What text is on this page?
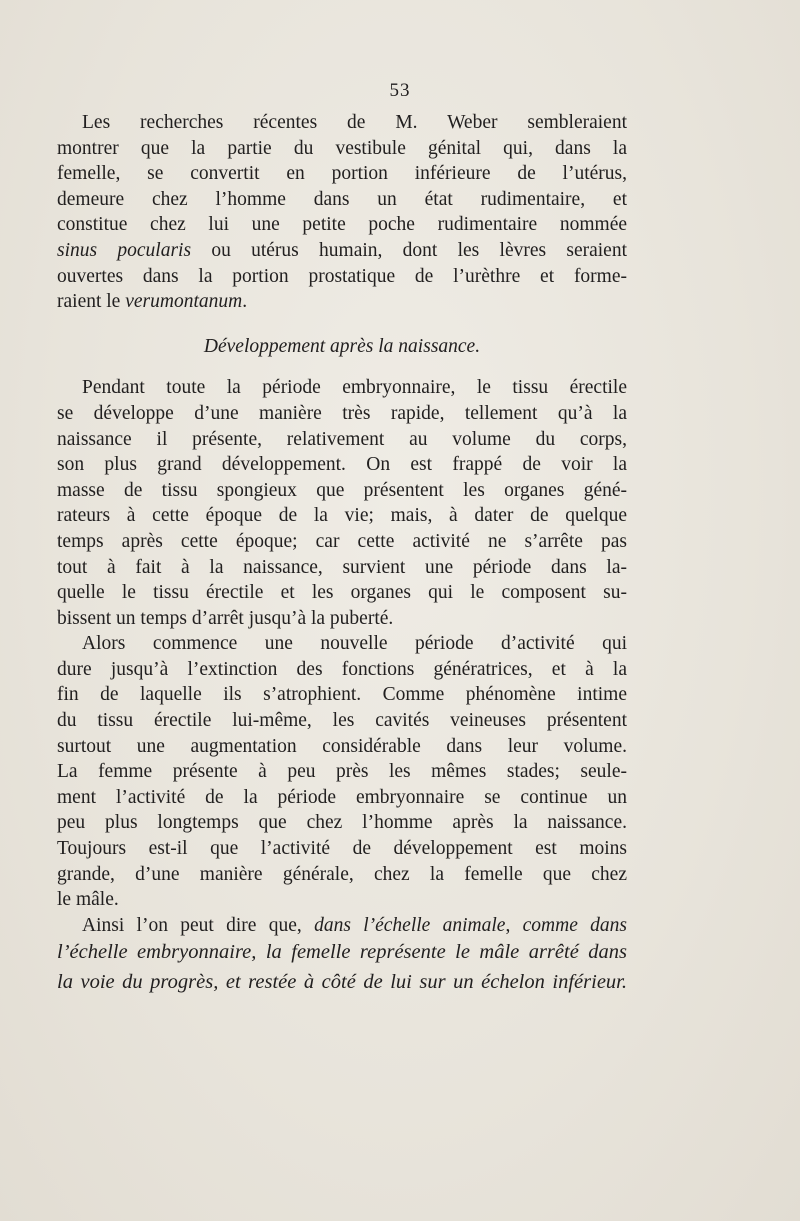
53

Les recherches récentes de M. Weber sembleraient
montrer que la partie du vestibule génital qui, dans la
femelle, se convertit en portion inférieure de l’utérus,
demeure chez l’homme dans un état rudimentaire, et
constitue chez lui une petite poche rudimentaire nommée
sinus pocularis ou utérus humain, dont les lèvres seraient
ouvertes dans la portion prostatique de l’urèthre et forme-
raient le verumontanum.

Développement après la naissance.

Pendant toute la période embryonnaire, le tissu érectile
se développe d’une manière très rapide, tellement qu’à la
naissance il présente, relativement au volume du corps,
son plus grand développement. On est frappé de voir la
masse de tissu spongieux que présentent les organes géné-
rateurs à cette époque de la vie; mais, à dater de quelque
temps après cette époque; car cette activité ne s’arrête pas
tout à fait à la naissance, survient une période dans la-
quelle le tissu érectile et les organes qui le composent su-
bissent un temps d’arrêt jusqu’à la puberté.

Alors commence une nouvelle période d’activité qui
dure jusqu’à l’extinction des fonctions génératrices, et à la
fin de laquelle ils s’atrophient. Comme phénomène intime
du tissu érectile lui-même, les cavités veineuses présentent
surtout une augmentation considérable dans leur volume.
La femme présente à peu près les mêmes stades; seule-
ment l’activité de la période embryonnaire se continue un
peu plus longtemps que chez l’homme après la naissance.
Toujours est-il que l’activité de développement est moins
grande, d’une manière générale, chez la femelle que chez
le mâle.

Ainsi l’on peut dire que, dans l’échelle animale, comme dans
l’échelle embryonnaire, la femelle représente le mâle arrêté dans
la voie du progrès, et restée à côté de lui sur un échelon inférieur.
